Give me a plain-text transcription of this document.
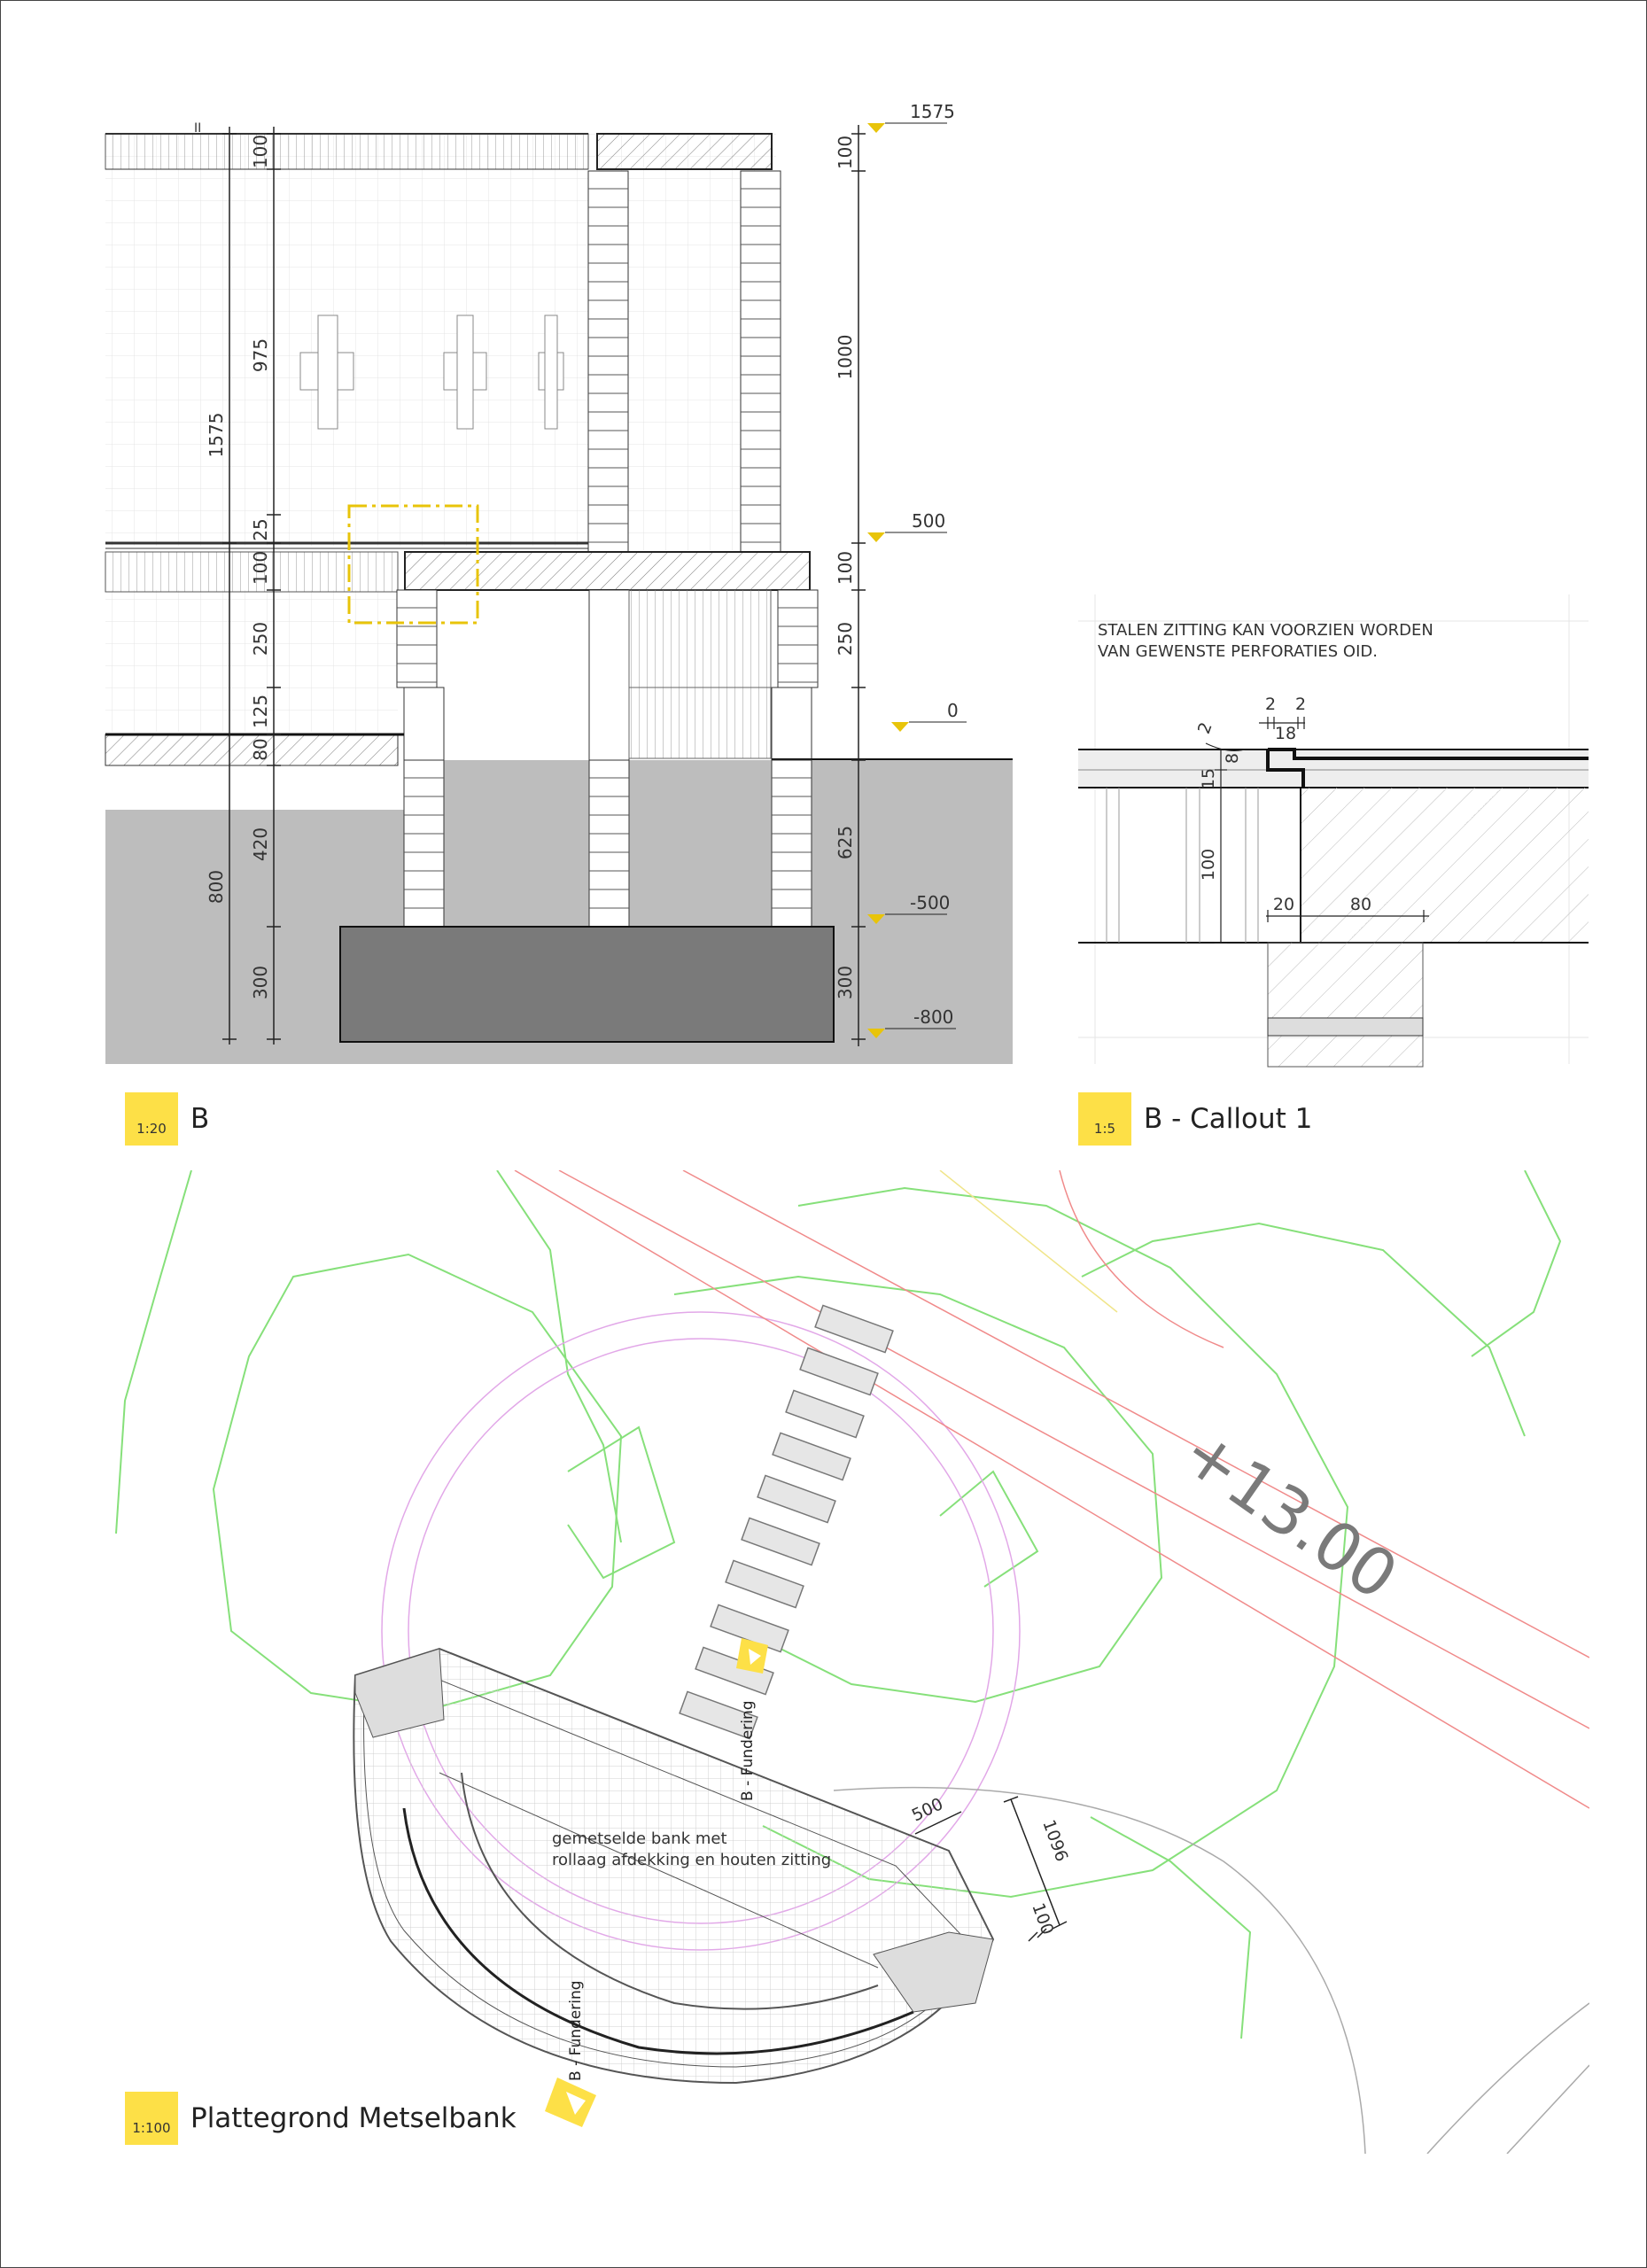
1575
500
0
-500
-800
II
1575
800
100
975
25
100
250
125
80
420
300
100
1000
100
250
625
300
STALEN ZITTING KAN VOORZIEN WORDEN
VAN GEWENSTE PERFORATIES OID.
2 2
18
2
8
15
100
20	80
1:20 B	1:5	B - Callout 1
+13.00
gemetselde bank met
rollaag afdekking en houten zitting
B - Fundering
B - Fundering
500
1096
100
1:100 Plattegrond Metselbank
